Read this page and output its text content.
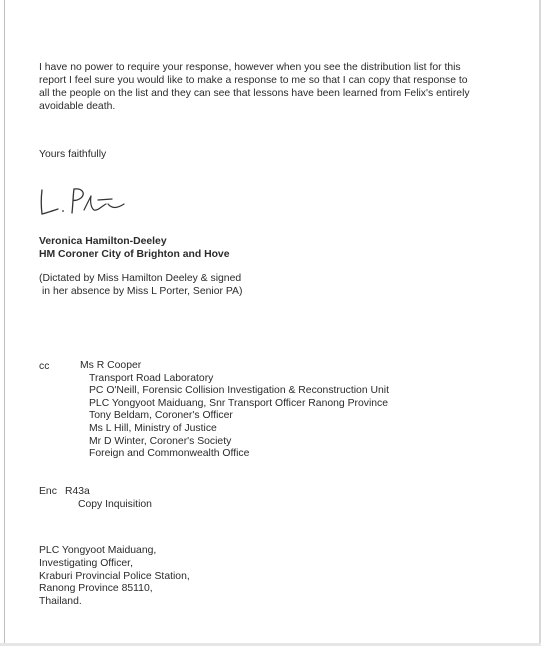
I have no power to require your response, however when you see the distribution list for this
report I feel sure you would like to make a response to me so that I can copy that response to
all the people on the list and they can see that lessons have been learned from Felix's entirely
avoidable death.

Yours faithfully

Veronica Hamilton-Deeley
HM Coroner City of Brighton and Hove

(Dictated by Miss Hamilton Deeley & signed
in her absence by Miss L Porter, Senior PA)

cc	Ms R Cooper
Transport Road Laboratory
PC O'Neill, Forensic Collision Investigation & Reconstruction Unit
PLC Yongyoot Maiduang, Snr Transport Officer Ranong Province
Tony Beldam, Coroner's Officer
Ms L Hill, Ministry of Justice
Mr D Winter, Coroner's Society
Foreign and Commonwealth Office
Enc R43a
Copy Inquisition
PLC Yongyoot Maiduang,
Investigating Officer,
Kraburi Provincial Police Station,
Ranong Province 85110,
Thailand.
